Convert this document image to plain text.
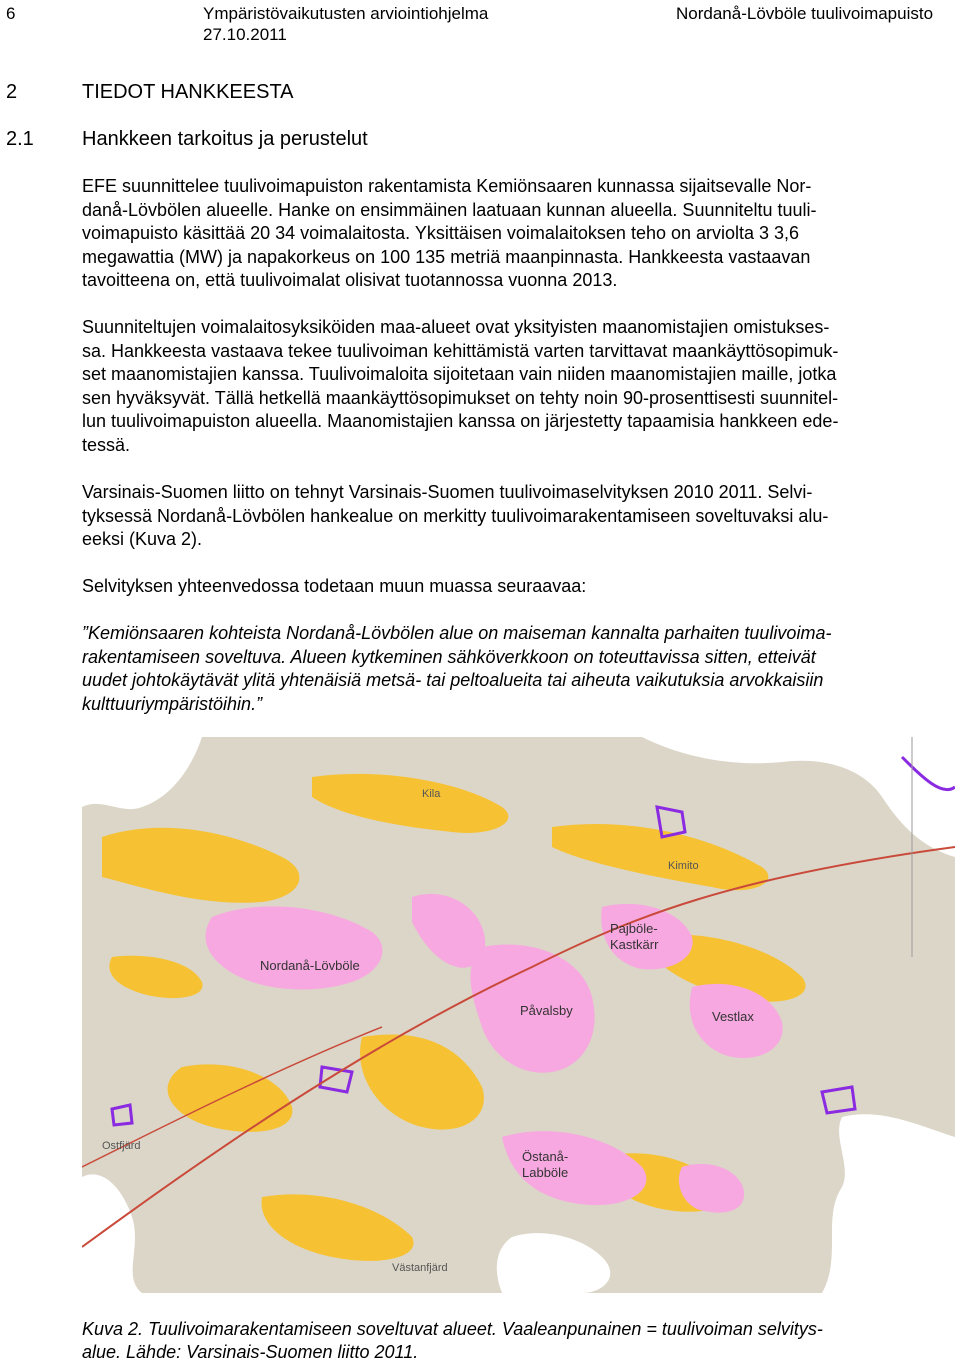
6	Ympäristövaikutusten arviointiohjelma
27.10.2011
Nordanå-Lövböle tuulivoimapuisto
2	TIEDOT HANKKEESTA
2.1 Hankkeen tarkoitus ja perustelut
EFE suunnittelee tuulivoimapuiston rakentamista Kemiönsaaren kunnassa sijaitsevalle Nor-
danå-Lövbölen alueelle. Hanke on ensimmäinen laatuaan kunnan alueella. Suunniteltu tuuli-
voimapuisto käsittää 20 34 voimalaitosta. Yksittäisen voimalaitoksen teho on arviolta 3 3,6
megawattia (MW) ja napakorkeus on 100 135 metriä maanpinnasta. Hankkeesta vastaavan
tavoitteena on, että tuulivoimalat olisivat tuotannossa vuonna 2013.
Suunniteltujen voimalaitosyksiköiden maa-alueet ovat yksityisten maanomistajien omistukses-
sa. Hankkeesta vastaava tekee tuulivoiman kehittämistä varten tarvittavat maankäyttösopimuk-
set maanomistajien kanssa. Tuulivoimaloita sijoitetaan vain niiden maanomistajien maille, jotka
sen hyväksyvät. Tällä hetkellä maankäyttösopimukset on tehty noin 90-prosenttisesti suunnitel-
lun tuulivoimapuiston alueella. Maanomistajien kanssa on järjestetty tapaamisia hankkeen ede-
tessä.
Varsinais-Suomen liitto on tehnyt Varsinais-Suomen tuulivoimaselvityksen 2010 2011. Selvi-
tyksessä Nordanå-Lövbölen hankealue on merkitty tuulivoimarakentamiseen soveltuvaksi alu-
eeksi (Kuva 2).
Selvityksen yhteenvedossa todetaan muun muassa seuraavaa:
”Kemiönsaaren kohteista Nordanå-Lövbölen alue on maiseman kannalta parhaiten tuulivoima-
rakentamiseen soveltuva. Alueen kytkeminen sähköverkkoon on toteuttavissa sitten, etteivät
uudet johtokäytävät ylitä yhtenäisiä metsä- tai peltoalueita tai aiheuta vaikutuksia arvokkaisiin
kulttuuriympäristöihin.”
Nordanå-Lövböle
Pajböle-
Kastkärr
Påvalsby	Vestlax
Östanå-
Labböle
Kimito
Kila
Ostfjärd
Västanfjärd
Kuva 2. Tuulivoimarakentamiseen soveltuvat alueet. Vaaleanpunainen = tuulivoiman selvitys-
alue. Lähde: Varsinais-Suomen liitto 2011.
